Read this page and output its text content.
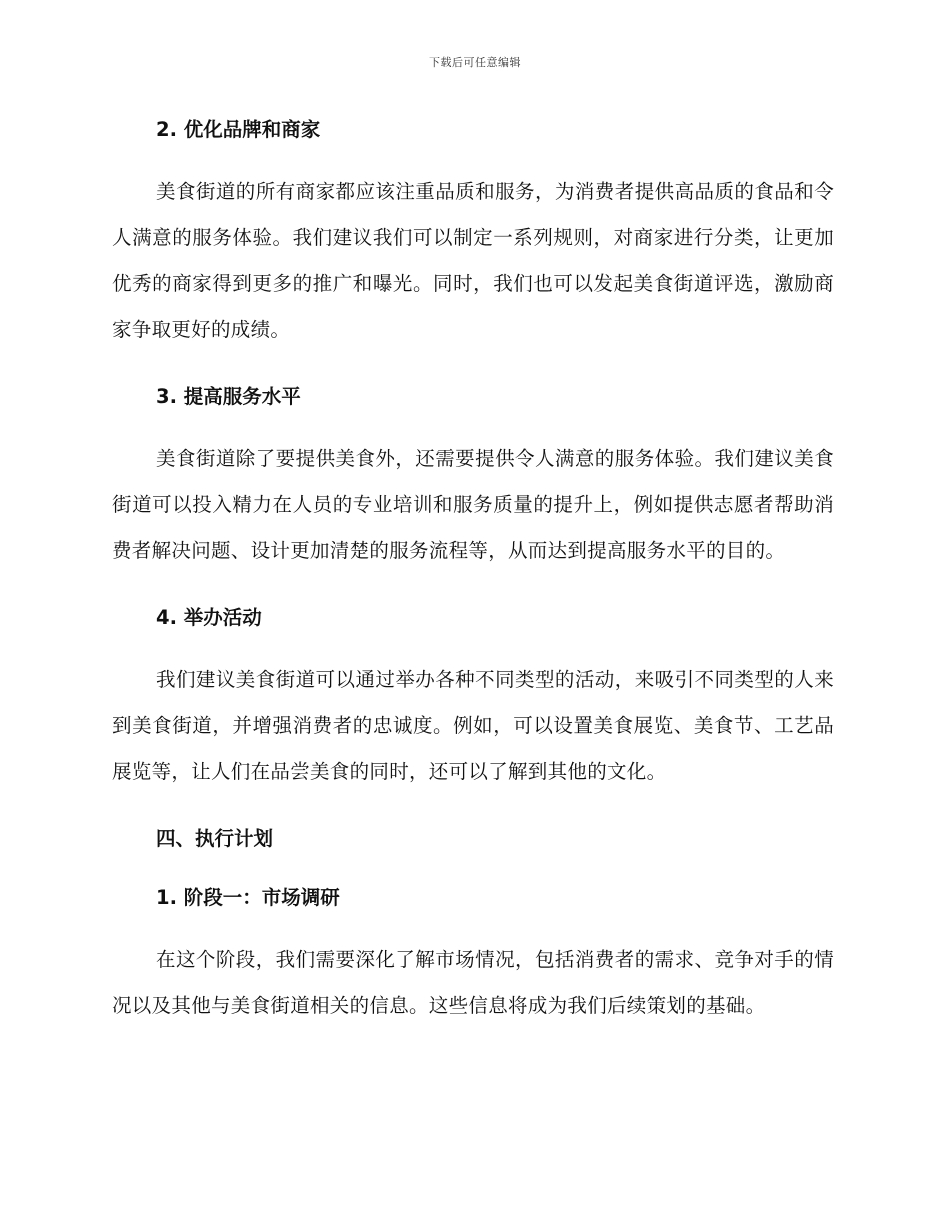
下载后可任意编辑
2. 优化品牌和商家

美食街道的所有商家都应该注重品质和服务，为消费者提供高品质的食品和令人满意的服务体验。我们建议我们可以制定一系列规则，对商家进行分类，让更加优秀的商家得到更多的推广和曝光。同时，我们也可以发起美食街道评选，激励商家争取更好的成绩。

3. 提高服务水平

美食街道除了要提供美食外，还需要提供令人满意的服务体验。我们建议美食街道可以投入精力在人员的专业培训和服务质量的提升上，例如提供志愿者帮助消费者解决问题、设计更加清楚的服务流程等，从而达到提高服务水平的目的。

4. 举办活动

我们建议美食街道可以通过举办各种不同类型的活动，来吸引不同类型的人来到美食街道，并增强消费者的忠诚度。例如，可以设置美食展览、美食节、工艺品展览等，让人们在品尝美食的同时，还可以了解到其他的文化。

四、执行计划
1. 阶段一：市场调研

在这个阶段，我们需要深化了解市场情况，包括消费者的需求、竞争对手的情况以及其他与美食街道相关的信息。这些信息将成为我们后续策划的基础。
